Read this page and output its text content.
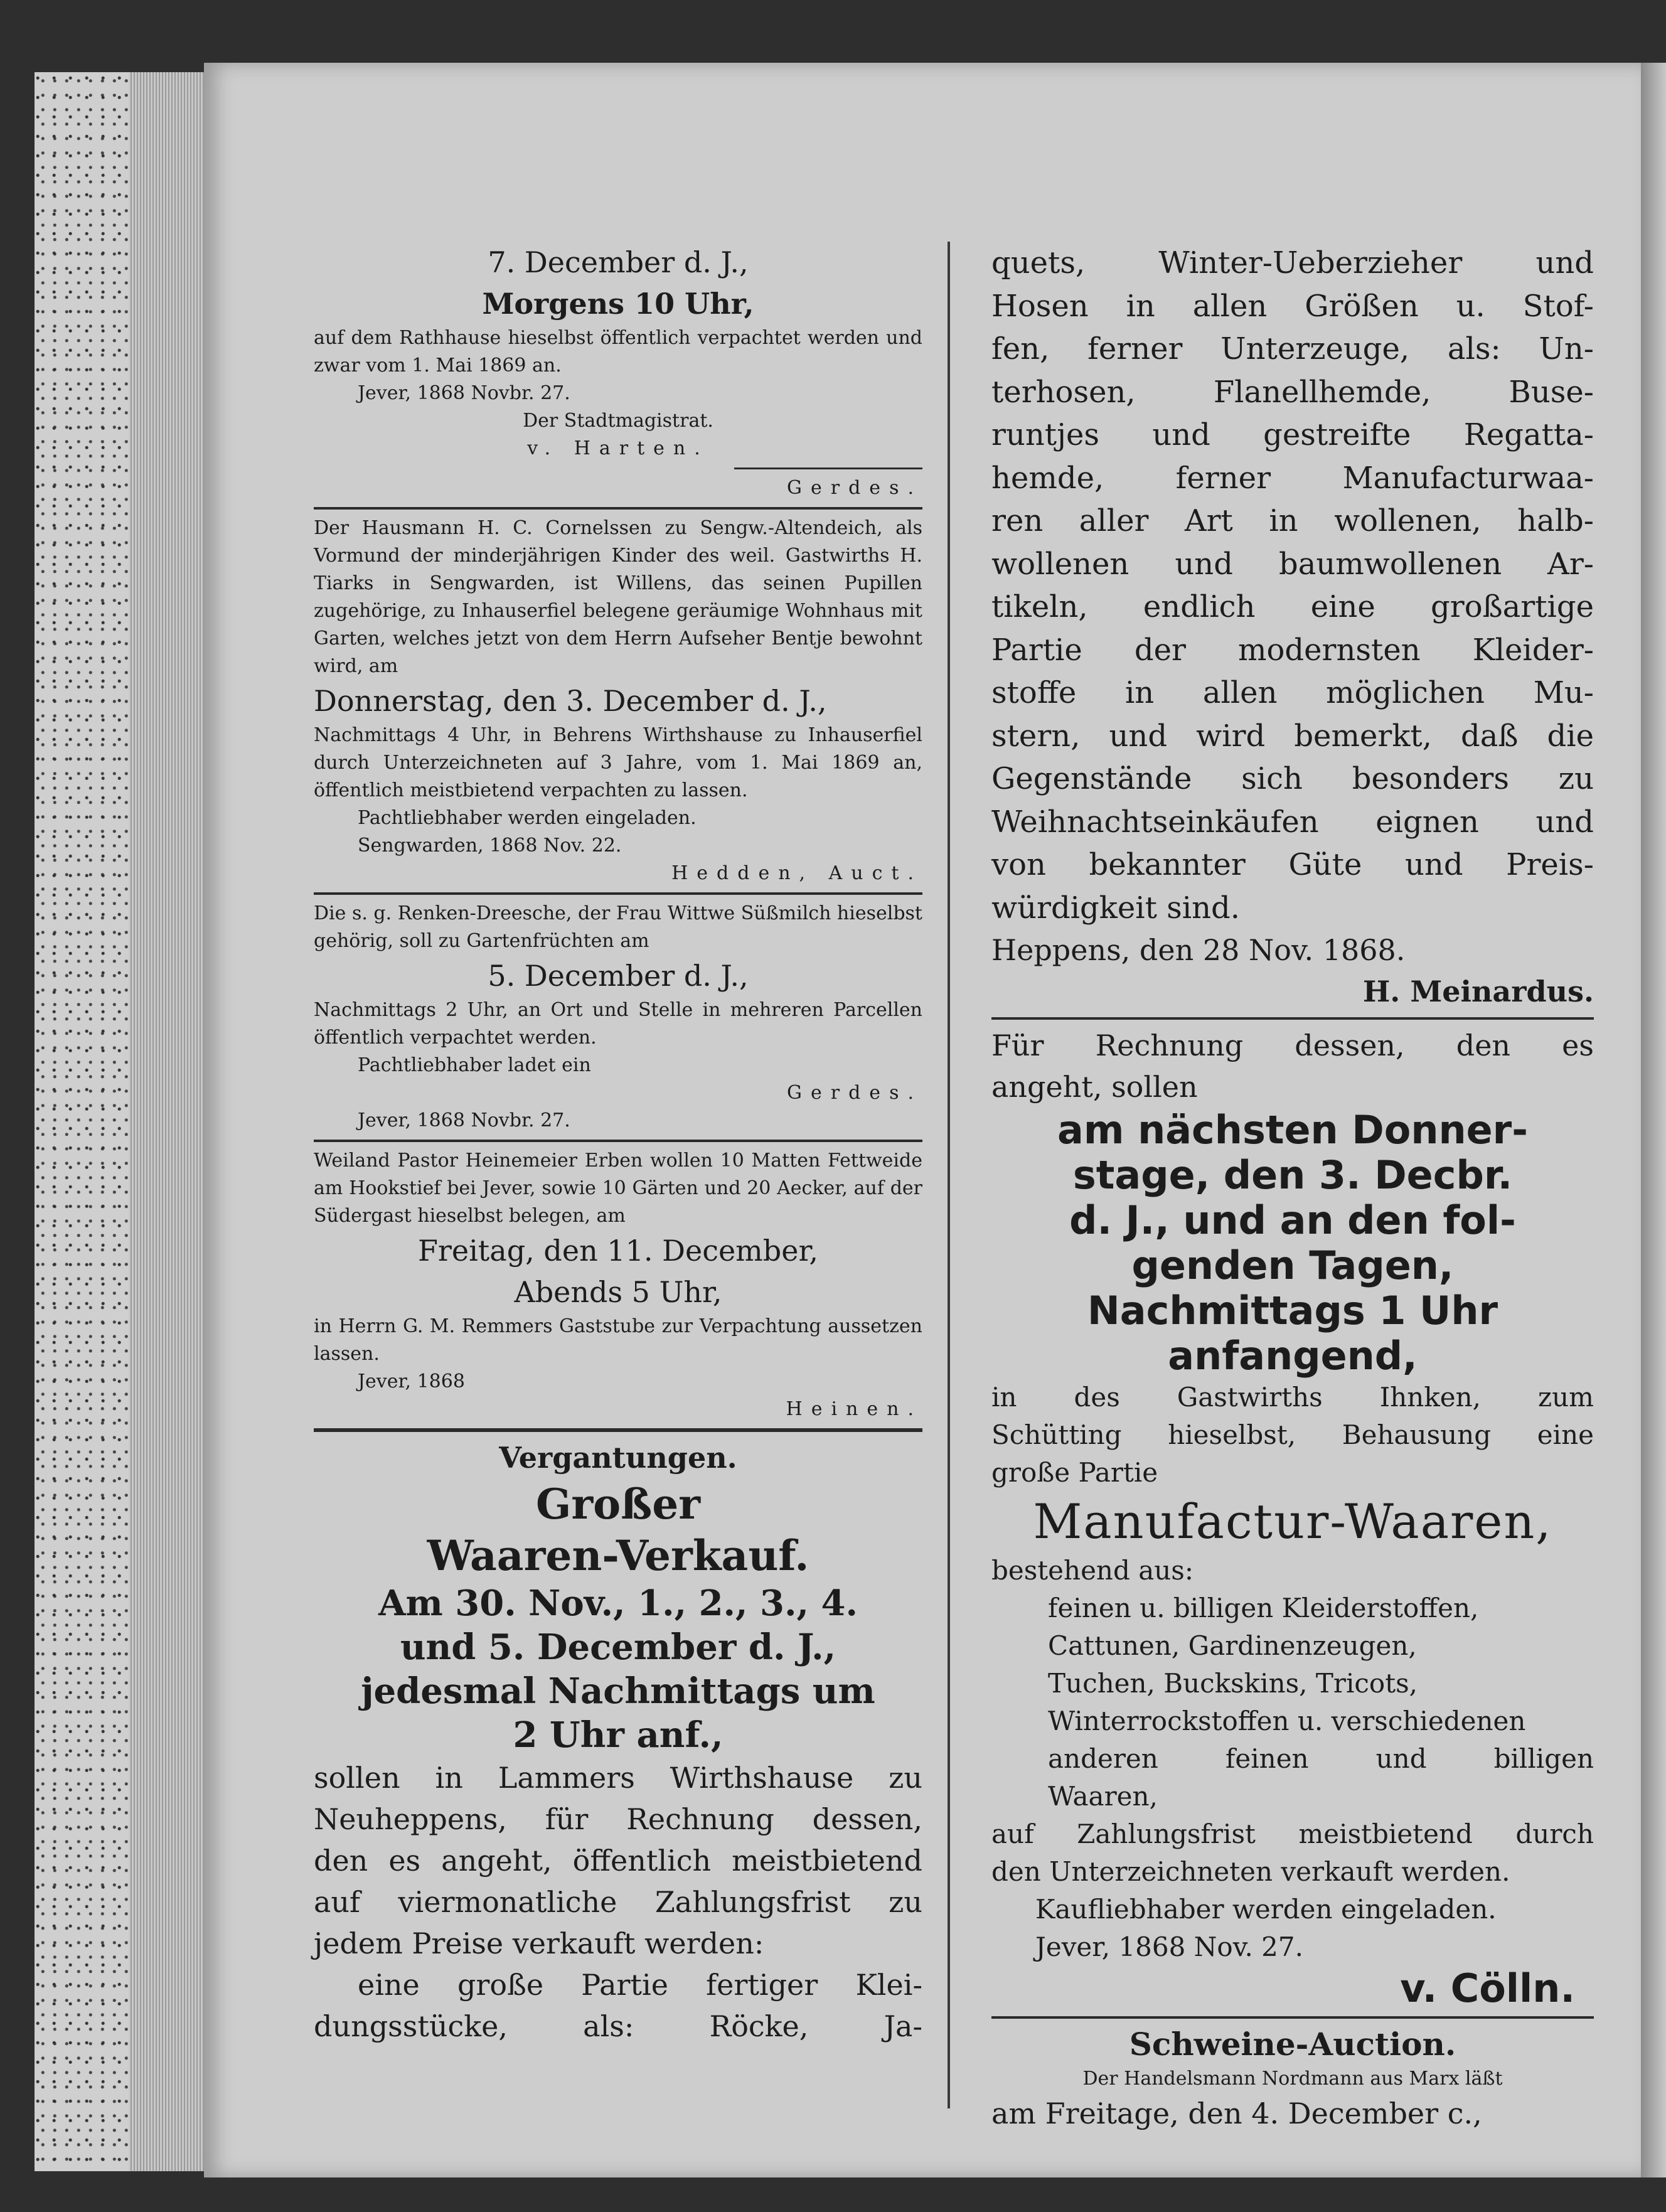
7. December d. J.,

Morgens 10 Uhr,

auf dem Rathhause hieselbst öffentlich verpachtet werden und zwar vom 1. Mai 1869 an.

Jever, 1868 Novbr. 27.

Der Stadtmagistrat.

v. Harten.

Gerdes.

Der Hausmann H. C. Cornelssen zu Sengw.-Altendeich, als Vormund der minderjährigen Kinder des weil. Gastwirths H. Tiarks in Sengwarden, ist Willens, das seinen Pupillen zugehörige, zu Inhauserfiel belegene geräumige Wohnhaus mit Garten, welches jetzt von dem Herrn Aufseher Bentje bewohnt wird, am

Donnerstag, den 3. December d. J.,

Nachmittags 4 Uhr, in Behrens Wirthshause zu Inhauserfiel durch Unterzeichneten auf 3 Jahre, vom 1. Mai 1869 an, öffentlich meistbietend verpachten zu lassen.

Pachtliebhaber werden eingeladen.

Sengwarden, 1868 Nov. 22.

Hedden, Auct.

Die s. g. Renken-Dreesche, der Frau Wittwe Süßmilch hieselbst gehörig, soll zu Gartenfrüchten am

5. December d. J.,

Nachmittags 2 Uhr, an Ort und Stelle in mehreren Parcellen öffentlich verpachtet werden.

Pachtliebhaber ladet ein

Gerdes.

Jever, 1868 Novbr. 27.

Weiland Pastor Heinemeier Erben wollen 10 Matten Fettweide am Hookstief bei Jever, sowie 10 Gärten und 20 Aecker, auf der Südergast hieselbst belegen, am

Freitag, den 11. December,

Abends 5 Uhr,

in Herrn G. M. Remmers Gaststube zur Verpachtung aussetzen lassen.

Jever, 1868

Heinen.

Vergantungen.

Großer

Waaren-Verkauf.

Am 30. Nov., 1., 2., 3., 4.

und 5. December d. J.,

jedesmal Nachmittags um

2 Uhr anf.,

sollen in Lammers Wirthshause zu

Neuheppens, für Rechnung dessen,

den es angeht, öffentlich meistbietend

auf viermonatliche Zahlungsfrist zu

jedem Preise verkauft werden:

eine große Partie fertiger Klei-

dungsstücke, als: Röcke, Ja-

quets, Winter-Ueberzieher und

Hosen in allen Größen u. Stof-

fen, ferner Unterzeuge, als: Un-

terhosen, Flanellhemde, Buse-

runtjes und gestreifte Regatta-

hemde, ferner Manufacturwaa-

ren aller Art in wollenen, halb-

wollenen und baumwollenen Ar-

tikeln, endlich eine großartige

Partie der modernsten Kleider-

stoffe in allen möglichen Mu-

stern, und wird bemerkt, daß die

Gegenstände sich besonders zu

Weihnachtseinkäufen eignen und

von bekannter Güte und Preis-

würdigkeit sind.

Heppens, den 28 Nov. 1868.

H. Meinardus.

Für Rechnung dessen, den es

angeht, sollen

am nächsten Donner-

stage, den 3. Decbr.

d. J., und an den fol-

genden Tagen,

Nachmittags 1 Uhr

anfangend,

in des Gastwirths Ihnken, zum

Schütting hieselbst, Behausung eine

große Partie

Manufactur-Waaren,

bestehend aus:

feinen u. billigen Kleiderstoffen,

Cattunen, Gardinenzeugen,

Tuchen, Buckskins, Tricots,

Winterrockstoffen u. verschiedenen

anderen feinen und billigen

Waaren,

auf Zahlungsfrist meistbietend durch

den Unterzeichneten verkauft werden.

Kaufliebhaber werden eingeladen.

Jever, 1868 Nov. 27.

v. Cölln.

Schweine-Auction.

Der Handelsmann Nordmann aus Marx läßt

am Freitage, den 4. December c.,
